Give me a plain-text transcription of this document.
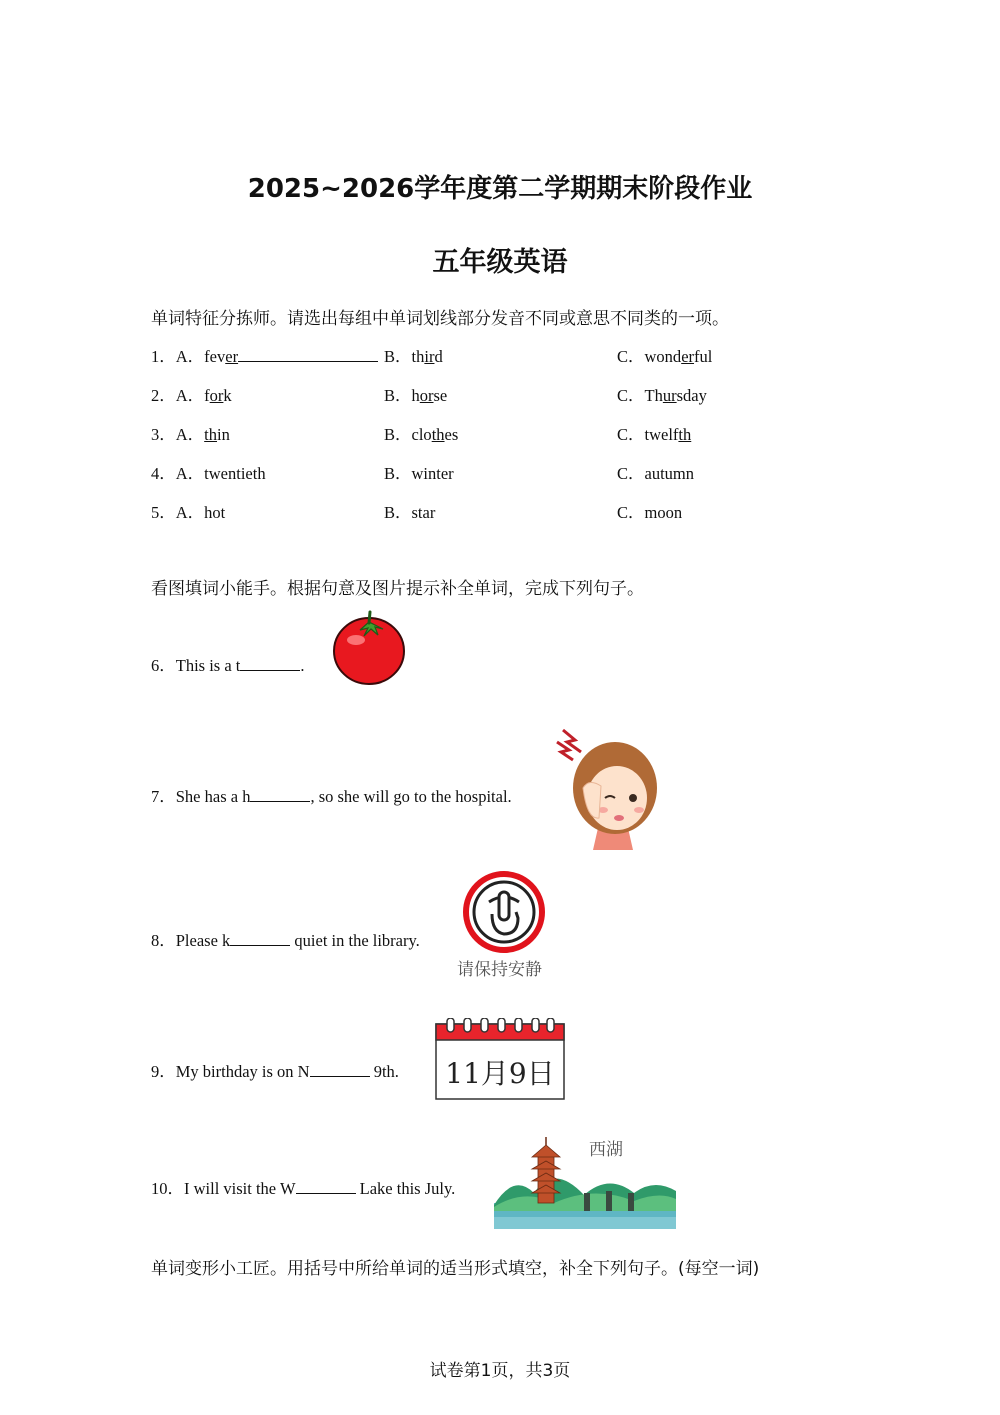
2025~2026学年度第二学期期末阶段作业
五年级英语
单词特征分拣师。请选出每组中单词划线部分发音不同或意思不同类的一项。
1．A．fever	B．third	C．wonderful
2．A．fork	B．horse	C．Thursday
3．A．thin	B．clothes	C．twelfth
4．A．twentieth	B．winter	C．autumn
5．A．hot	B．star	C．moon
看图填词小能手。根据句意及图片提示补全单词，完成下列句子。
6．This is a t	.
7．She has a h	, so she will go to the hospital.
8．Please k	quiet in the library.
请保持安静
9．My birthday is on N	9th.	11月9日
10．I will visit the W	Lake this July.
西湖
单词变形小工匠。用括号中所给单词的适当形式填空，补全下列句子。(每空一词)
试卷第1页，共3页
